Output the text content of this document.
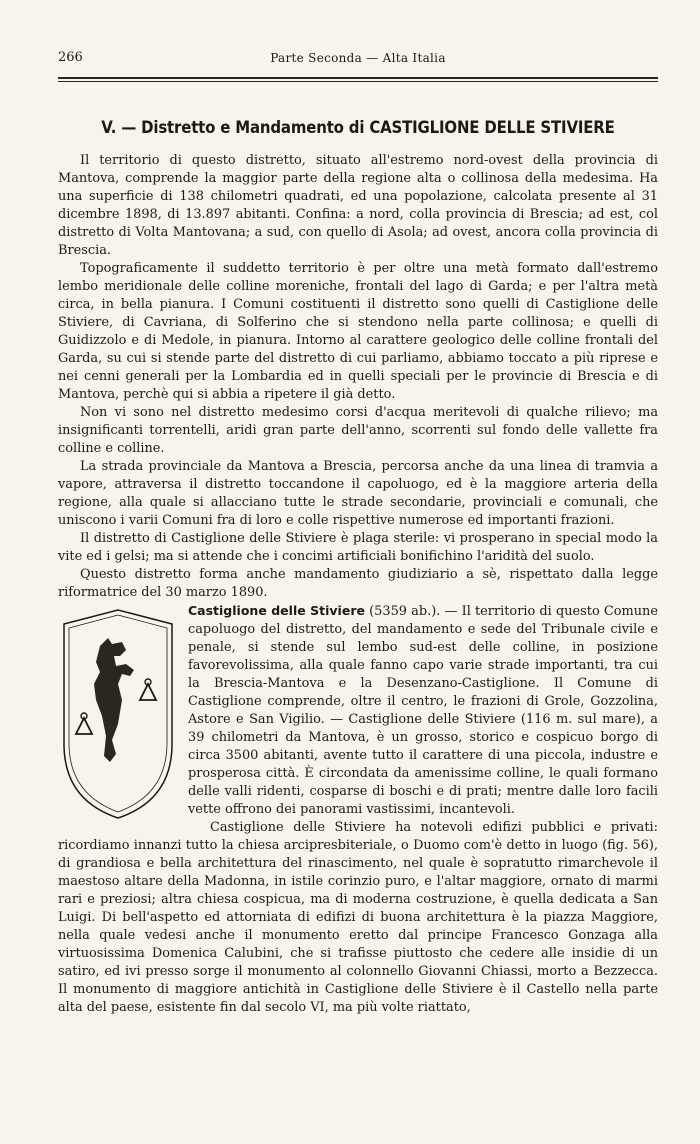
266	Parte Seconda — Alta Italia
V. — Distretto e Mandamento di CASTIGLIONE DELLE STIVIERE

Il territorio di questo distretto, situato all'estremo nord-ovest della provincia di Mantova, comprende la maggior parte della regione alta o collinosa della medesima. Ha una superficie di 138 chilometri quadrati, ed una popolazione, calcolata presente al 31 dicembre 1898, di 13.897 abitanti. Confina: a nord, colla provincia di Brescia; ad est, col distretto di Volta Mantovana; a sud, con quello di Asola; ad ovest, ancora colla provincia di Brescia.

Topograficamente il suddetto territorio è per oltre una metà formato dall'estremo lembo meridionale delle colline moreniche, frontali del lago di Garda; e per l'altra metà circa, in bella pianura. I Comuni costituenti il distretto sono quelli di Castiglione delle Stiviere, di Cavriana, di Solferino che si stendono nella parte collinosa; e quelli di Guidizzolo e di Medole, in pianura. Intorno al carattere geologico delle colline frontali del Garda, su cui si stende parte del distretto di cui parliamo, abbiamo toccato a più riprese e nei cenni generali per la Lombardia ed in quelli speciali per le provincie di Brescia e di Mantova, perchè qui si abbia a ripetere il già detto.

Non vi sono nel distretto medesimo corsi d'acqua meritevoli di qualche rilievo; ma insignificanti torrentelli, aridi gran parte dell'anno, scorrenti sul fondo delle vallette fra colline e colline.

La strada provinciale da Mantova a Brescia, percorsa anche da una linea di tramvia a vapore, attraversa il distretto toccandone il capoluogo, ed è la maggiore arteria della regione, alla quale si allacciano tutte le strade secondarie, provinciali e comunali, che uniscono i varii Comuni fra di loro e colle rispettive numerose ed importanti frazioni.

Il distretto di Castiglione delle Stiviere è plaga sterile: vi prosperano in special modo la vite ed i gelsi; ma si attende che i concimi artificiali bonifichino l'aridità del suolo.

Questo distretto forma anche mandamento giudiziario a sè, rispettato dalla legge riformatrice del 30 marzo 1890.

Castiglione delle Stiviere (5359 ab.). — Il territorio di questo Comune capoluogo del distretto, del mandamento e sede del Tribunale civile e penale, si stende sul lembo sud-est delle colline, in posizione favorevolissima, alla quale fanno capo varie strade importanti, tra cui la Brescia-Mantova e la Desenzano-Castiglione. Il Comune di Castiglione comprende, oltre il centro, le frazioni di Grole, Gozzolina, Astore e San Vigilio. — Castiglione delle Stiviere (116 m. sul mare), a 39 chilometri da Mantova, è un grosso, storico e cospicuo borgo di circa 3500 abitanti, avente tutto il carattere di una piccola, industre e prosperosa città. È circondata da amenissime colline, le quali formano delle valli ridenti, cosparse di boschi e di prati; mentre dalle loro facili vette offrono dei panorami vastissimi, incantevoli.

Castiglione delle Stiviere ha notevoli edifizi pubblici e privati: ricordiamo innanzi tutto la chiesa arcipresbiteriale, o Duomo com'è detto in luogo (fig. 56), di grandiosa e bella architettura del rinascimento, nel quale è sopratutto rimarchevole il maestoso altare della Madonna, in istile corinzio puro, e l'altar maggiore, ornato di marmi rari e preziosi; altra chiesa cospicua, ma di moderna costruzione, è quella dedicata a San Luigi. Di bell'aspetto ed attorniata di edifizi di buona architettura è la piazza Maggiore, nella quale vedesi anche il monumento eretto dal principe Francesco Gonzaga alla virtuosissima Domenica Calubini, che si trafisse piuttosto che cedere alle insidie di un satiro, ed ivi presso sorge il monumento al colonnello Giovanni Chiassi, morto a Bezzecca. Il monumento di maggiore antichità in Castiglione delle Stiviere è il Castello nella parte alta del paese, esistente fin dal secolo VI, ma più volte riattato,
